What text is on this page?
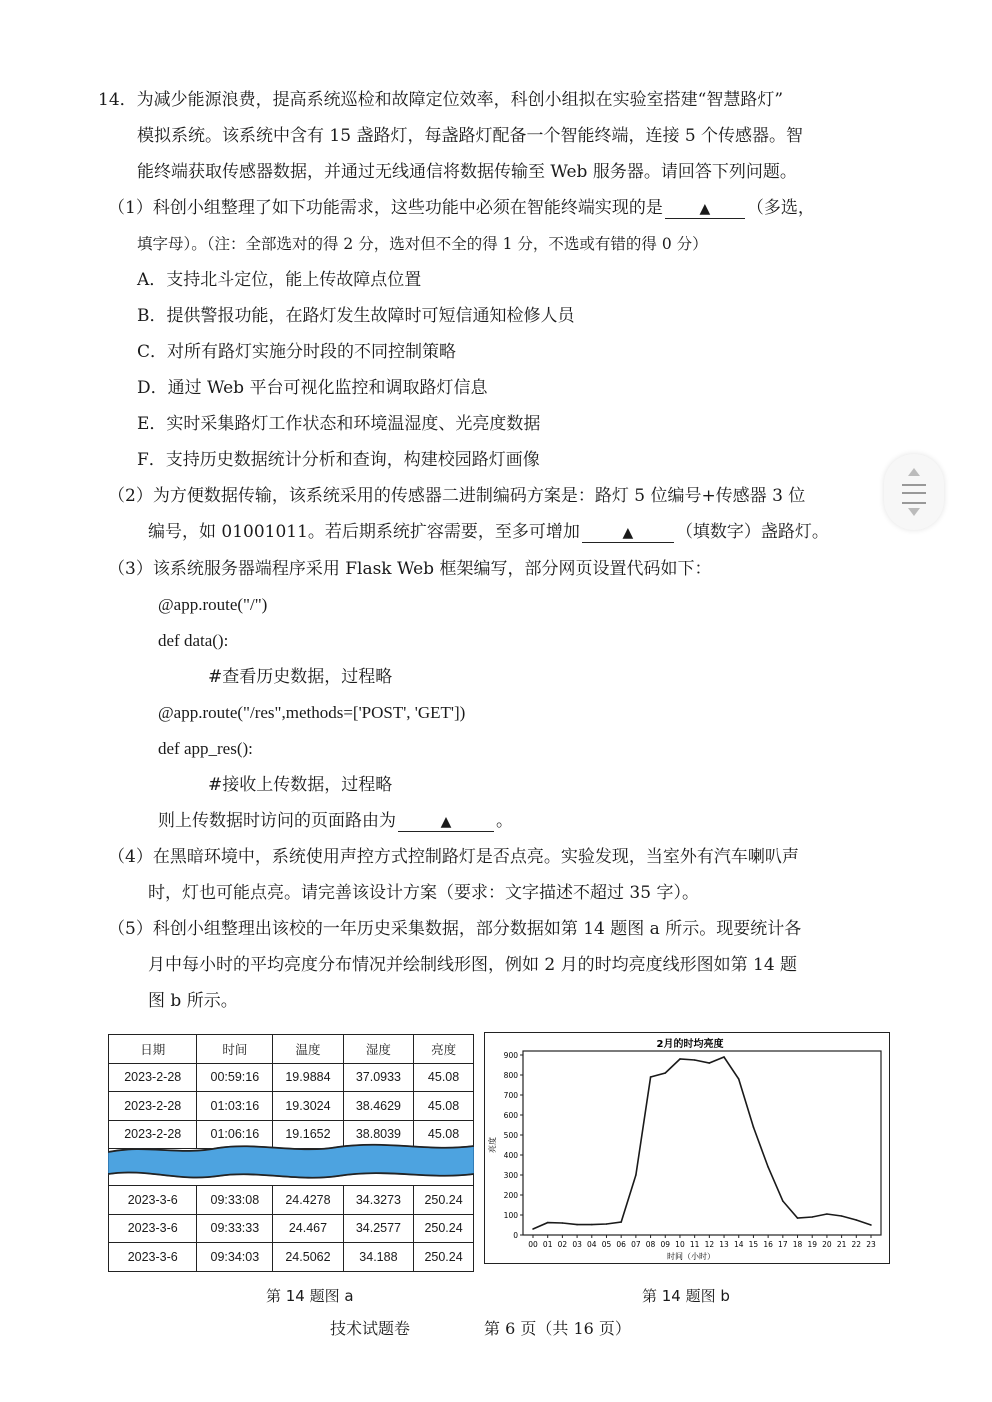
14．为减少能源浪费，提高系统巡检和故障定位效率，科创小组拟在实验室搭建“智慧路灯”
模拟系统。该系统中含有 15 盏路灯，每盏路灯配备一个智能终端，连接 5 个传感器。智
能终端获取传感器数据，并通过无线通信将数据传输至 Web 服务器。请回答下列问题。
（1）科创小组整理了如下功能需求，这些功能中必须在智能终端实现的是	▲ （多选，
填字母）。（注：全部选对的得 2 分，选对但不全的得 1 分，不选或有错的得 0 分）
A．支持北斗定位，能上传故障点位置
B．提供警报功能，在路灯发生故障时可短信通知检修人员
C．对所有路灯实施分时段的不同控制策略
D．通过 Web 平台可视化监控和调取路灯信息
E．实时采集路灯工作状态和环境温湿度、光亮度数据
F．支持历史数据统计分析和查询，构建校园路灯画像
（2）为方便数据传输，该系统采用的传感器二进制编码方案是：路灯 5 位编号+传感器 3 位
编号，如 01001011。若后期系统扩容需要，至多可增加	▲	（填数字）盏路灯。
（3）该系统服务器端程序采用 Flask Web 框架编写，部分网页设置代码如下：
@app.route("/")
def data():
#查看历史数据，过程略
@app.route("/res",methods=['POST', 'GET'])
def app_res():
#接收上传数据，过程略
则上传数据时访问的页面路由为	▲	。
（4）在黑暗环境中，系统使用声控方式控制路灯是否点亮。实验发现，当室外有汽车喇叭声
时，灯也可能点亮。请完善该设计方案（要求：文字描述不超过 35 字）。
（5）科创小组整理出该校的一年历史采集数据，部分数据如第 14 题图 a 所示。现要统计各
月中每小时的平均亮度分布情况并绘制线形图，例如 2 月的时均亮度线形图如第 14 题
图 b 所示。
日期	时间	温度	湿度	亮度
2023-2-28	00:59:16	19.9884	37.0933	45.08
2023-2-28	01:03:16	19.3024	38.4629	45.08
2023-2-28	01:06:16	19.1652	38.8039	45.08

2023-3-6	09:33:08	24.4278	34.3273	250.24
2023-3-6	09:33:33	24.467	34.2577	250.24
2023-3-6	09:34:03	24.5062	34.188	250.24
2月的时均亮度
0
100
200
300
400
500
600
700
800
900
00 01 02 03 04 05 06 07 08 09 10 11 12 13 14 15 16 17 18 19 20 21 22 23
时间（小时）
亮度
第 14 题图 a	第 14 题图 b
技术试题卷	第 6 页（共 16 页）
